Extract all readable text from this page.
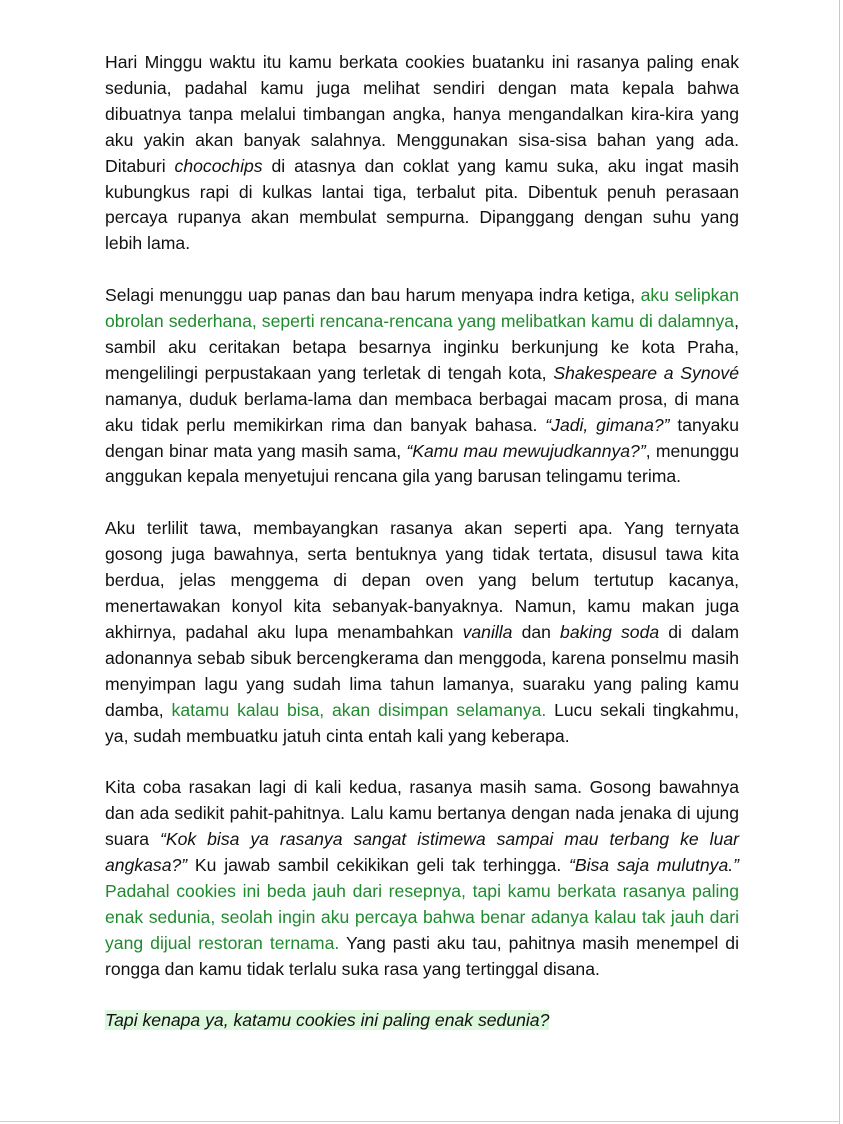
Hari Minggu waktu itu kamu berkata cookies buatanku ini rasanya paling enak sedunia, padahal kamu juga melihat sendiri dengan mata kepala bahwa dibuatnya tanpa melalui timbangan angka, hanya mengandalkan kira-kira yang aku yakin akan banyak salahnya. Menggunakan sisa-sisa bahan yang ada. Ditaburi chocochips di atasnya dan coklat yang kamu suka, aku ingat masih kubungkus rapi di kulkas lantai tiga, terbalut pita. Dibentuk penuh perasaan percaya rupanya akan membulat sempurna. Dipanggang dengan suhu yang lebih lama.

Selagi menunggu uap panas dan bau harum menyapa indra ketiga, aku selipkan obrolan sederhana, seperti rencana-rencana yang melibatkan kamu di dalamnya, sambil aku ceritakan betapa besarnya inginku berkunjung ke kota Praha, mengelilingi perpustakaan yang terletak di tengah kota, Shakespeare a Synové namanya, duduk berlama-lama dan membaca berbagai macam prosa, di mana aku tidak perlu memikirkan rima dan banyak bahasa. “Jadi, gimana?” tanyaku dengan binar mata yang masih sama, “Kamu mau mewujudkannya?”, menunggu anggukan kepala menyetujui rencana gila yang barusan telingamu terima.

Aku terlilit tawa, membayangkan rasanya akan seperti apa. Yang ternyata gosong juga bawahnya, serta bentuknya yang tidak tertata, disusul tawa kita berdua, jelas menggema di depan oven yang belum tertutup kacanya, menertawakan konyol kita sebanyak-banyaknya. Namun, kamu makan juga akhirnya, padahal aku lupa menambahkan vanilla dan baking soda di dalam adonannya sebab sibuk bercengkerama dan menggoda, karena ponselmu masih menyimpan lagu yang sudah lima tahun lamanya, suaraku yang paling kamu damba, katamu kalau bisa, akan disimpan selamanya. Lucu sekali tingkahmu, ya, sudah membuatku jatuh cinta entah kali yang keberapa.

Kita coba rasakan lagi di kali kedua, rasanya masih sama. Gosong bawahnya dan ada sedikit pahit-pahitnya. Lalu kamu bertanya dengan nada jenaka di ujung suara “Kok bisa ya rasanya sangat istimewa sampai mau terbang ke luar angkasa?” Ku jawab sambil cekikikan geli tak terhingga. “Bisa saja mulutnya.” Padahal cookies ini beda jauh dari resepnya, tapi kamu berkata rasanya paling enak sedunia, seolah ingin aku percaya bahwa benar adanya kalau tak jauh dari yang dijual restoran ternama. Yang pasti aku tau, pahitnya masih menempel di rongga dan kamu tidak terlalu suka rasa yang tertinggal disana.

Tapi kenapa ya, katamu cookies ini paling enak sedunia?
